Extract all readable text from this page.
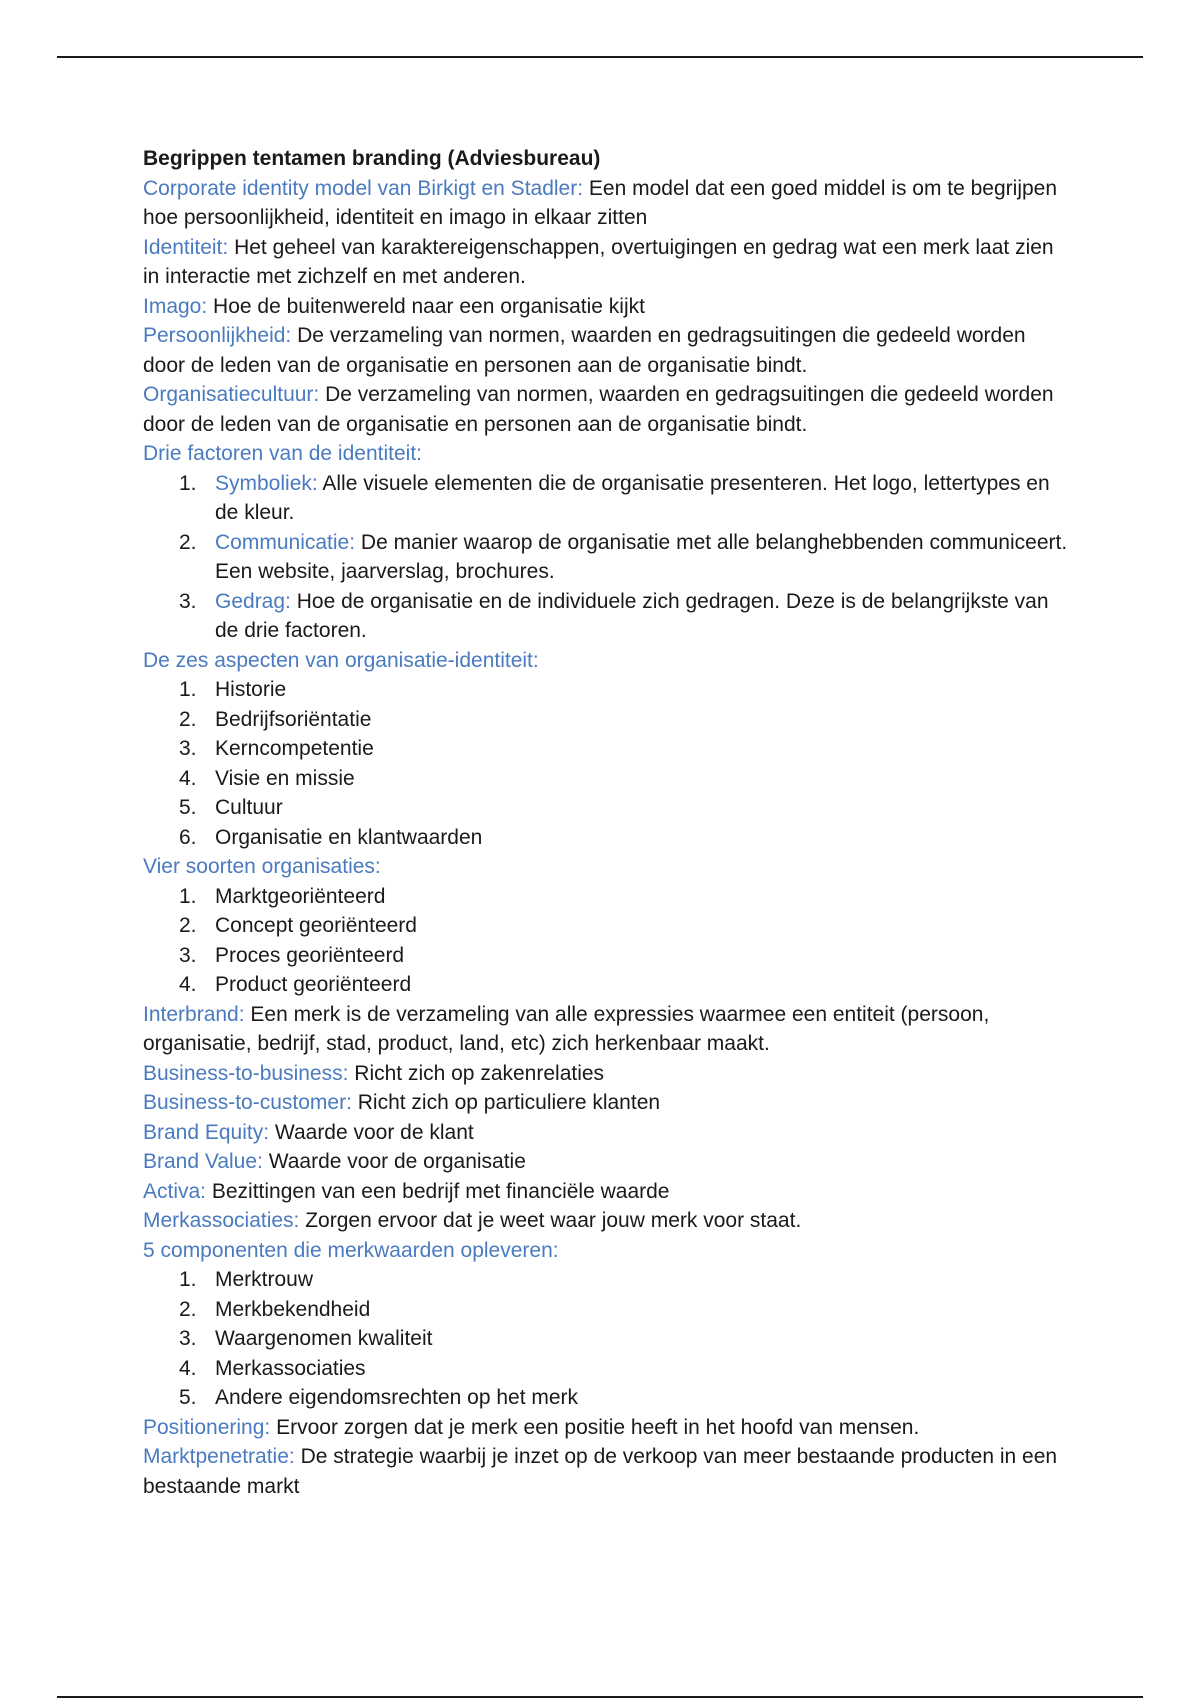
Begrippen tentamen branding (Adviesbureau)

Corporate identity model van Birkigt en Stadler: Een model dat een goed middel is om te begrijpen hoe persoonlijkheid, identiteit en imago in elkaar zitten

Identiteit: Het geheel van karaktereigenschappen, overtuigingen en gedrag wat een merk laat zien in interactie met zichzelf en met anderen.

Imago: Hoe de buitenwereld naar een organisatie kijkt

Persoonlijkheid: De verzameling van normen, waarden en gedragsuitingen die gedeeld worden door de leden van de organisatie en personen aan de organisatie bindt.

Organisatiecultuur: De verzameling van normen, waarden en gedragsuitingen die gedeeld worden door de leden van de organisatie en personen aan de organisatie bindt.

Drie factoren van de identiteit:

1. Symboliek: Alle visuele elementen die de organisatie presenteren. Het logo, lettertypes en de kleur.
2. Communicatie: De manier waarop de organisatie met alle belanghebbenden communiceert. Een website, jaarverslag, brochures.
3. Gedrag: Hoe de organisatie en de individuele zich gedragen. Deze is de belangrijkste van de drie factoren.

De zes aspecten van organisatie-identiteit:

1. Historie
2. Bedrijfsoriëntatie
3. Kerncompetentie
4. Visie en missie
5. Cultuur
6. Organisatie en klantwaarden

Vier soorten organisaties:

1. Marktgeoriënteerd
2. Concept georiënteerd
3. Proces georiënteerd
4. Product georiënteerd

Interbrand: Een merk is de verzameling van alle expressies waarmee een entiteit (persoon, organisatie, bedrijf, stad, product, land, etc) zich herkenbaar maakt.

Business-to-business: Richt zich op zakenrelaties

Business-to-customer: Richt zich op particuliere klanten

Brand Equity: Waarde voor de klant

Brand Value: Waarde voor de organisatie

Activa: Bezittingen van een bedrijf met financiële waarde

Merkassociaties: Zorgen ervoor dat je weet waar jouw merk voor staat.

5 componenten die merkwaarden opleveren:

1. Merktrouw
2. Merkbekendheid
3. Waargenomen kwaliteit
4. Merkassociaties
5. Andere eigendomsrechten op het merk

Positionering: Ervoor zorgen dat je merk een positie heeft in het hoofd van mensen.

Marktpenetratie: De strategie waarbij je inzet op de verkoop van meer bestaande producten in een bestaande markt
